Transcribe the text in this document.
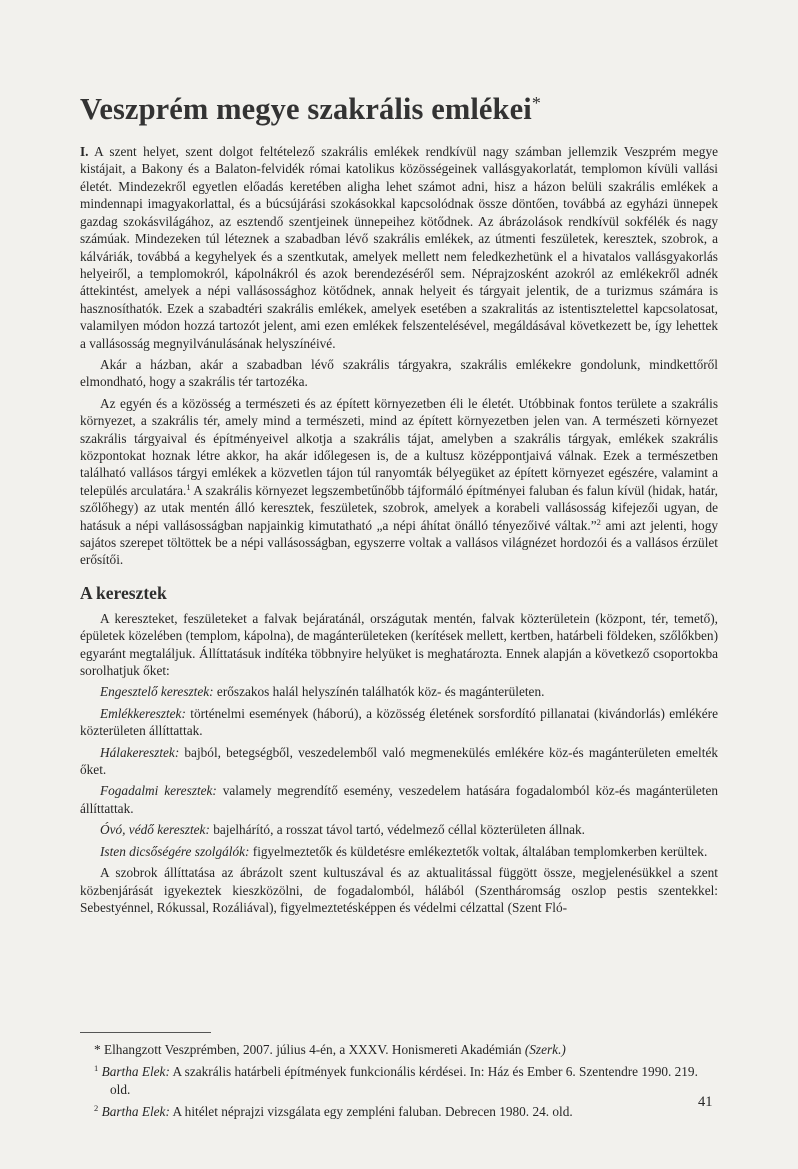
Veszprém megye szakrális emlékei*

I. A szent helyet, szent dolgot feltételező szakrális emlékek rendkívül nagy számban jellemzik Veszprém megye kistájait, a Bakony és a Balaton-felvidék római katolikus közösségeinek vallásgyakorlatát, templomon kívüli vallási életét. Mindezekről egyetlen előadás keretében aligha lehet számot adni, hisz a házon belüli szakrális emlékek a mindennapi imagyakorlattal, és a búcsújárási szokásokkal kapcsolódnak össze döntően, továbbá az egyházi ünnepek gazdag szokásvilágához, az esztendő szentjeinek ünnepeihez kötődnek. Az ábrázolások rendkívül sokfélék és nagy számúak. Mindezeken túl léteznek a szabadban lévő szakrális emlékek, az útmenti feszületek, keresztek, szobrok, a kálváriák, továbbá a kegyhelyek és a szentkutak, amelyek mellett nem feledkezhetünk el a hivatalos vallásgyakorlás helyeiről, a templomokról, kápolnákról és azok berendezéséről sem. Néprajzosként azokról az emlékekről adnék áttekintést, amelyek a népi vallásossághoz kötődnek, annak helyeit és tárgyait jelentik, de a turizmus számára is hasznosíthatók. Ezek a szabadtéri szakrális emlékek, amelyek esetében a szakralitás az istentisztelettel kapcsolatosat, valamilyen módon hozzá tartozót jelent, ami ezen emlékek felszentelésével, megáldásával következett be, így lehettek a vallásosság megnyilvánulásának helyszínéivé.

Akár a házban, akár a szabadban lévő szakrális tárgyakra, szakrális emlékekre gondolunk, mindkettőről elmondható, hogy a szakrális tér tartozéka.

Az egyén és a közösség a természeti és az épített környezetben éli le életét. Utóbbinak fontos területe a szakrális környezet, a szakrális tér, amely mind a természeti, mind az épített környezetben jelen van. A természeti környezet szakrális tárgyaival és építményeivel alkotja a szakrális tájat, amelyben a szakrális tárgyak, emlékek szakrális központokat hoznak létre akkor, ha akár időlegesen is, de a kultusz középpontjaivá válnak. Ezek a természetben található vallásos tárgyi emlékek a közvetlen tájon túl ranyomták bélyegüket az épített környezet egészére, valamint a település arculatára.$^1$ A szakrális környezet legszembetűnőbb tájformáló építményei faluban és falun kívül (hidak, határ, szőlőhegy) az utak mentén álló keresztek, feszületek, szobrok, amelyek a korabeli vallásosság kifejezői ugyan, de hatásuk a népi vallásosságban napjainkig kimutatható „a népi áhítat önálló tényezőivé váltak.”$^2$ ami azt jelenti, hogy sajátos szerepet töltöttek be a népi vallásosságban, egyszerre voltak a vallásos világnézet hordozói és a vallásos érzület erősítői.

A keresztek

A kereszteket, feszületeket a falvak bejáratánál, országutak mentén, falvak közterületein (központ, tér, temető), épületek közelében (templom, kápolna), de magánterületeken (kerítések mellett, kertben, határbeli földeken, szőlőkben) egyaránt megtaláljuk. Állíttatásuk indítéka többnyire helyüket is meghatározta. Ennek alapján a következő csoportokba sorolhatjuk őket:

Engesztelő keresztek: erőszakos halál helyszínén találhatók köz- és magánterületen.

Emlékkeresztek: történelmi események (háború), a közösség életének sorsfordító pillanatai (kivándorlás) emlékére közterületen állíttattak.

Hálakeresztek: bajból, betegségből, veszedelemből való megmenekülés emlékére köz-és magánterületen emelték őket.

Fogadalmi keresztek: valamely megrendítő esemény, veszedelem hatására fogadalomból köz-és magánterületen állíttattak.

Óvó, védő keresztek: bajelhárító, a rosszat távol tartó, védelmező céllal közterületen állnak.

Isten dicsőségére szolgálók: figyelmeztetők és küldetésre emlékeztetők voltak, általában templomkerben kerültek.

A szobrok állíttatása az ábrázolt szent kultuszával és az aktualitással függött össze, megjelenésükkel a szent közbenjárását igyekeztek kieszközölni, de fogadalomból, hálából (Szentháromság oszlop pestis szentekkel: Sebestyénnel, Rókussal, Rozáliával), figyelmeztetésképpen és védelmi célzattal (Szent Fló-

* Elhangzott Veszprémben, 2007. július 4-én, a XXXV. Honismereti Akadémián (Szerk.)

$^1$ Bartha Elek: A szakrális határbeli építmények funkcionális kérdései. In: Ház és Ember 6. Szentendre 1990. 219. old.

$^2$ Bartha Elek: A hitélet néprajzi vizsgálata egy zempléni faluban. Debrecen 1980. 24. old.

41
